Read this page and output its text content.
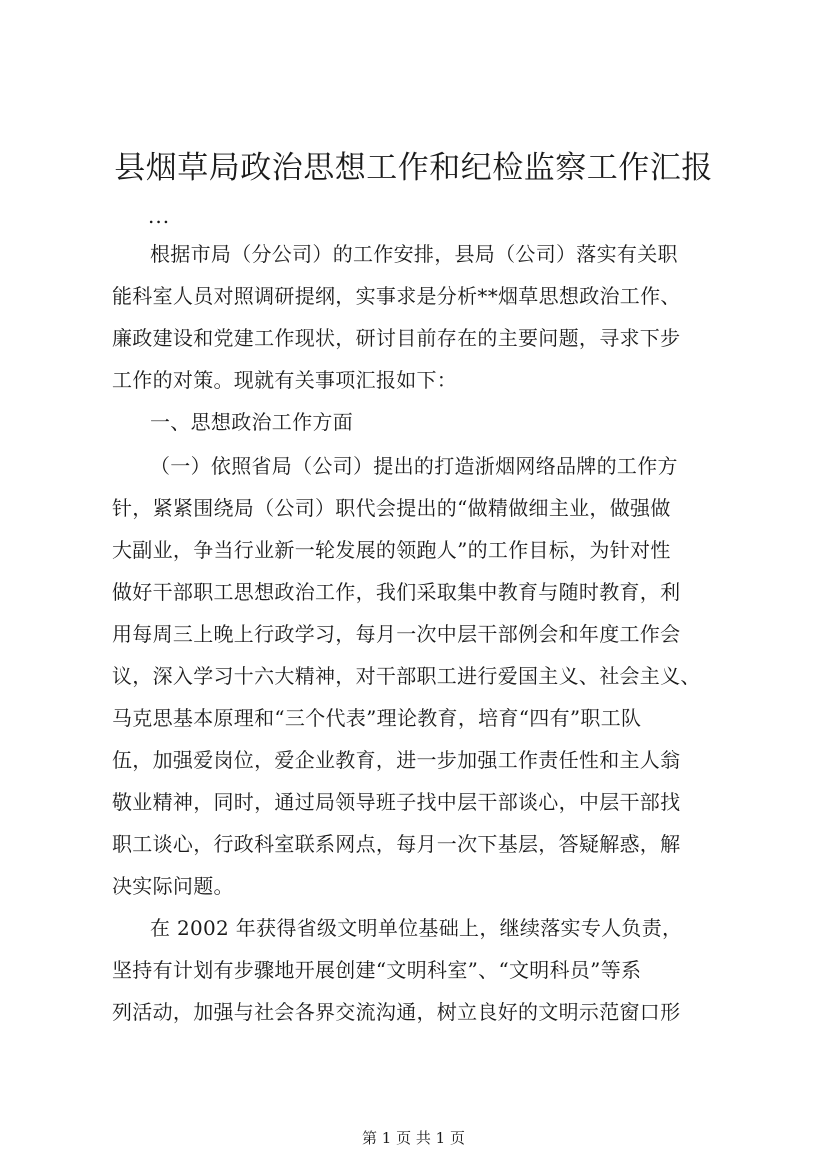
县烟草局政治思想工作和纪检监察工作汇报
...
根据市局（分公司）的工作安排，县局（公司）落实有关职
能科室人员对照调研提纲，实事求是分析**烟草思想政治工作、
廉政建设和党建工作现状，研讨目前存在的主要问题，寻求下步
工作的对策。现就有关事项汇报如下：
一、思想政治工作方面
（一）依照省局（公司）提出的打造浙烟网络品牌的工作方
针，紧紧围绕局（公司）职代会提出的“做精做细主业，做强做
大副业，争当行业新一轮发展的领跑人”的工作目标，为针对性
做好干部职工思想政治工作，我们采取集中教育与随时教育，利
用每周三上晚上行政学习，每月一次中层干部例会和年度工作会
议，深入学习十六大精神，对干部职工进行爱国主义、社会主义、
马克思基本原理和“三个代表”理论教育，培育“四有”职工队
伍，加强爱岗位，爱企业教育，进一步加强工作责任性和主人翁
敬业精神，同时，通过局领导班子找中层干部谈心，中层干部找
职工谈心，行政科室联系网点，每月一次下基层，答疑解惑，解
决实际问题。
在 2002 年获得省级文明单位基础上，继续落实专人负责，
坚持有计划有步骤地开展创建“文明科室”、“文明科员”等系
列活动，加强与社会各界交流沟通，树立良好的文明示范窗口形
第 1 页 共 1 页
